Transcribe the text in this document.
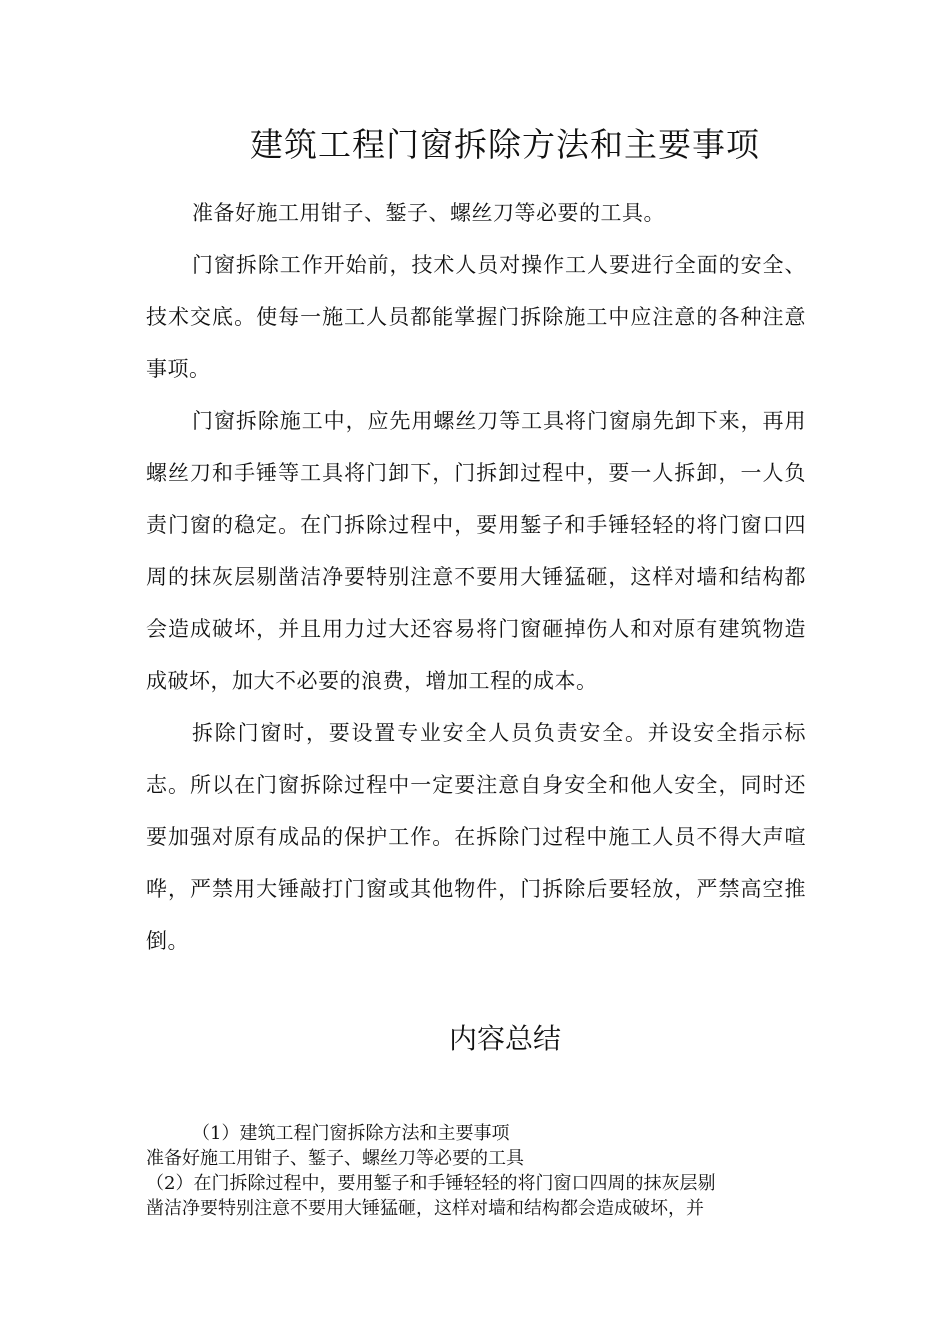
建筑工程门窗拆除方法和主要事项

准备好施工用钳子、錾子、螺丝刀等必要的工具。

门窗拆除工作开始前，技术人员对操作工人要进行全面的安全、技术交底。使每一施工人员都能掌握门拆除施工中应注意的各种注意事项。

门窗拆除施工中，应先用螺丝刀等工具将门窗扇先卸下来，再用螺丝刀和手锤等工具将门卸下，门拆卸过程中，要一人拆卸，一人负责门窗的稳定。在门拆除过程中，要用錾子和手锤轻轻的将门窗口四周的抹灰层剔凿洁净要特别注意不要用大锤猛砸，这样对墙和结构都会造成破坏，并且用力过大还容易将门窗砸掉伤人和对原有建筑物造成破坏，加大不必要的浪费，增加工程的成本。

拆除门窗时，要设置专业安全人员负责安全。并设安全指示标志。所以在门窗拆除过程中一定要注意自身安全和他人安全，同时还要加强对原有成品的保护工作。在拆除门过程中施工人员不得大声喧哗，严禁用大锤敲打门窗或其他物件，门拆除后要轻放，严禁高空推倒。

内容总结
（1）建筑工程门窗拆除方法和主要事项
准备好施工用钳子、錾子、螺丝刀等必要的工具
（2）在门拆除过程中，要用錾子和手锤轻轻的将门窗口四周的抹灰层剔
凿洁净要特别注意不要用大锤猛砸，这样对墙和结构都会造成破坏，并
